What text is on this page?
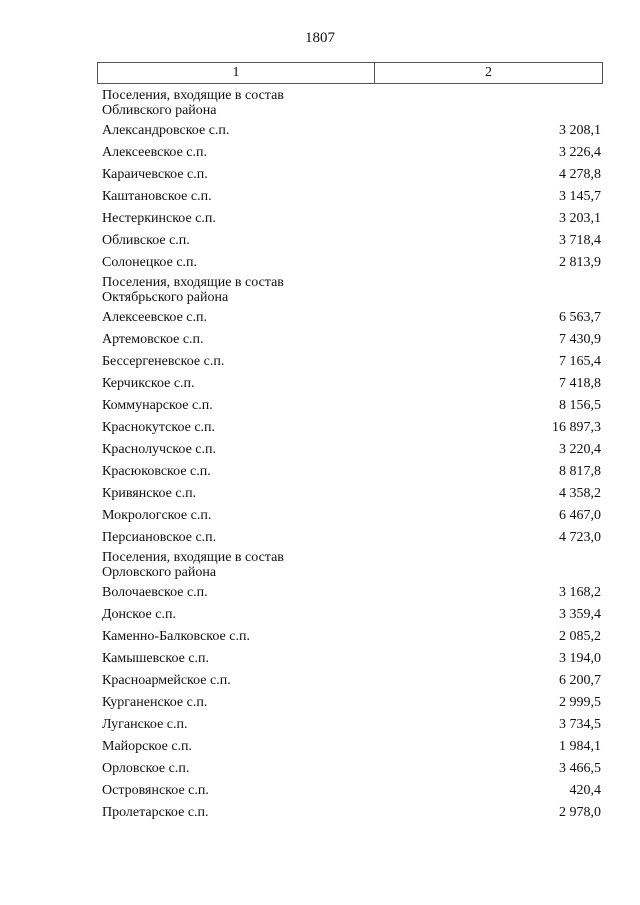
1807
1	2
Поселения, входящие в состав
Обливского района
Александровское с.п.	3 208,1
Алексеевское с.п.	3 226,4
Караичевское с.п.	4 278,8
Каштановское с.п.	3 145,7
Нестеркинское с.п.	3 203,1
Обливское с.п.	3 718,4
Солонецкое с.п.	2 813,9
Поселения, входящие в состав
Октябрьского района
Алексеевское с.п.	6 563,7
Артемовское с.п.	7 430,9
Бессергеневское с.п.	7 165,4
Керчикское с.п.	7 418,8
Коммунарское с.п.	8 156,5
Краснокутское с.п.	16 897,3
Краснолучское с.п.	3 220,4
Красюковское с.п.	8 817,8
Кривянское с.п.	4 358,2
Мокрологское с.п.	6 467,0
Персиановское с.п.	4 723,0
Поселения, входящие в состав
Орловского района
Волочаевское с.п.	3 168,2
Донское с.п.	3 359,4
Каменно-Балковское с.п.	2 085,2
Камышевское с.п.	3 194,0
Красноармейское с.п.	6 200,7
Курганенское с.п.	2 999,5
Луганское с.п.	3 734,5
Майорское с.п.	1 984,1
Орловское с.п.	3 466,5
Островянское с.п.	420,4
Пролетарское с.п.	2 978,0
